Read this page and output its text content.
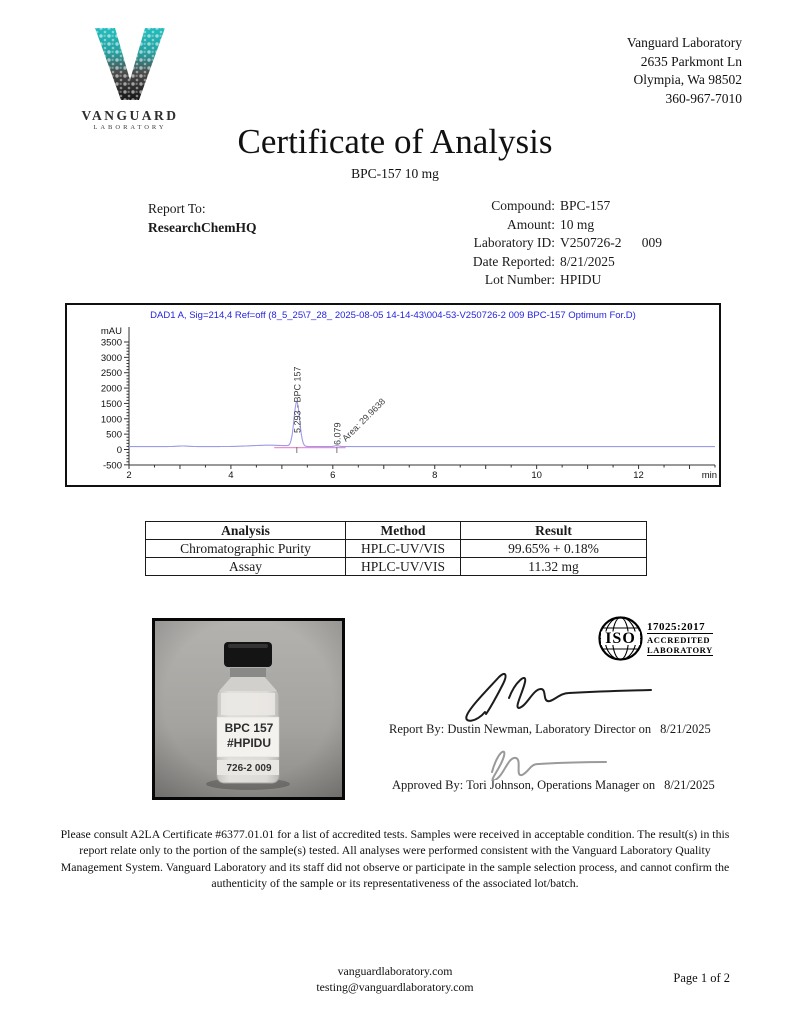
VANGUARD
LABORATORY
Vanguard Laboratory
2635 Parkmont Ln
Olympia, Wa 98502
360-967-7010
Certificate of Analysis
BPC-157 10 mg
Report To:
ResearchChemHQ
Compound: BPC-157
Amount: 10 mg
Laboratory ID: V250726-2      009
Date Reported: 8/21/2025
Lot Number: HPIDU
DAD1 A, Sig=214,4 Ref=off (8_5_25\7_28_ 2025-08-05 14-14-43\004-53-V250726-2 009 BPC-157 Optimum For.D)
-500
0
500
1000
1500
2000
2500
3000
3500
mAU
2	4	6	8	10	12	min
5.293 - BPC 157
6.079
Area: 29.9638
Analysis	Method	Result
Chromatographic Purity	HPLC-UV/VIS	99.65% + 0.18%
Assay	HPLC-UV/VIS	11.32 mg
BPC 157
#HPIDU
726-2 009
ISO
17025:2017
ACCREDITED
LABORATORY
Report By: Dustin Newman, Laboratory Director on 8/21/2025
Approved By: Tori Johnson, Operations Manager on 8/21/2025
Please consult A2LA Certificate #6377.01.01 for a list of accredited tests. Samples were received in acceptable condition. The result(s) in this report relate only to the portion of the sample(s) tested. All analyses were performed consistent with the Vanguard Laboratory Quality Management System. Vanguard Laboratory and its staff did not observe or participate in the sample selection process, and cannot confirm the authenticity of the sample or its representativeness of the associated lot/batch.
vanguardlaboratory.com
testing@vanguardlaboratory.com
Page 1 of 2
